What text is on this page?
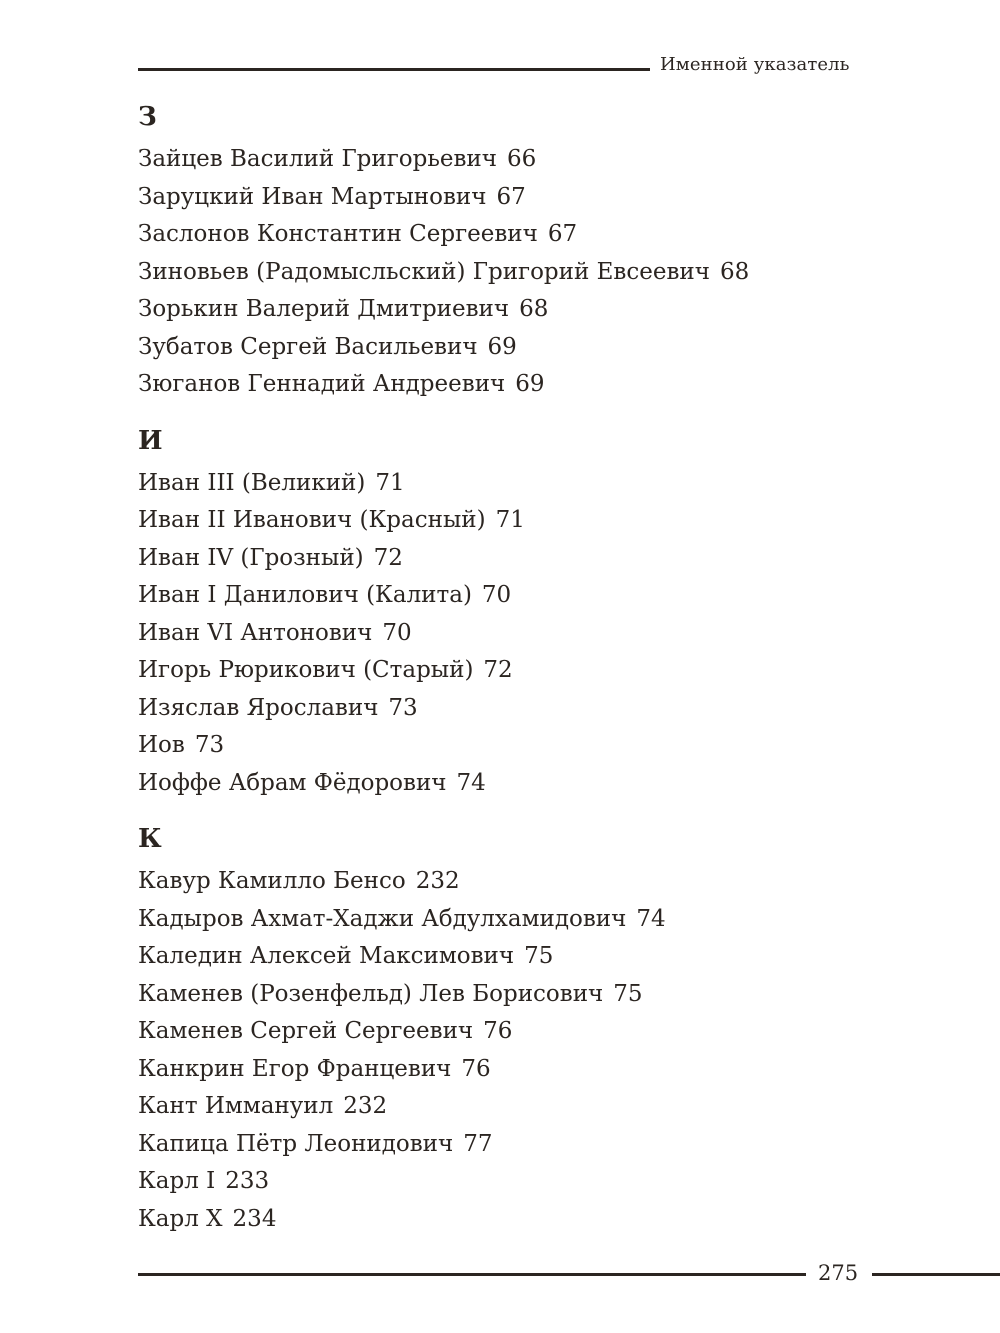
Именной указатель
З
Зайцев Василий Григорьевич 66
Заруцкий Иван Мартынович 67
Заслонов Константин Сергеевич 67
Зиновьев (Радомысльский) Григорий Евсеевич 68
Зорькин Валерий Дмитриевич 68
Зубатов Сергей Васильевич 69
Зюганов Геннадий Андреевич 69
И
Иван III (Великий) 71
Иван II Иванович (Красный) 71
Иван IV (Грозный) 72
Иван I Данилович (Калита) 70
Иван VI Антонович 70
Игорь Рюрикович (Старый) 72
Изяслав Ярославич 73
Иов 73
Иоффе Абрам Фёдорович 74
К
Кавур Камилло Бенсо 232
Кадыров Ахмат-Хаджи Абдулхамидович 74
Каледин Алексей Максимович 75
Каменев (Розенфельд) Лев Борисович 75
Каменев Сергей Сергеевич 76
Канкрин Егор Францевич 76
Кант Иммануил 232
Капица Пётр Леонидович 77
Карл I 233
Карл X 234
275
